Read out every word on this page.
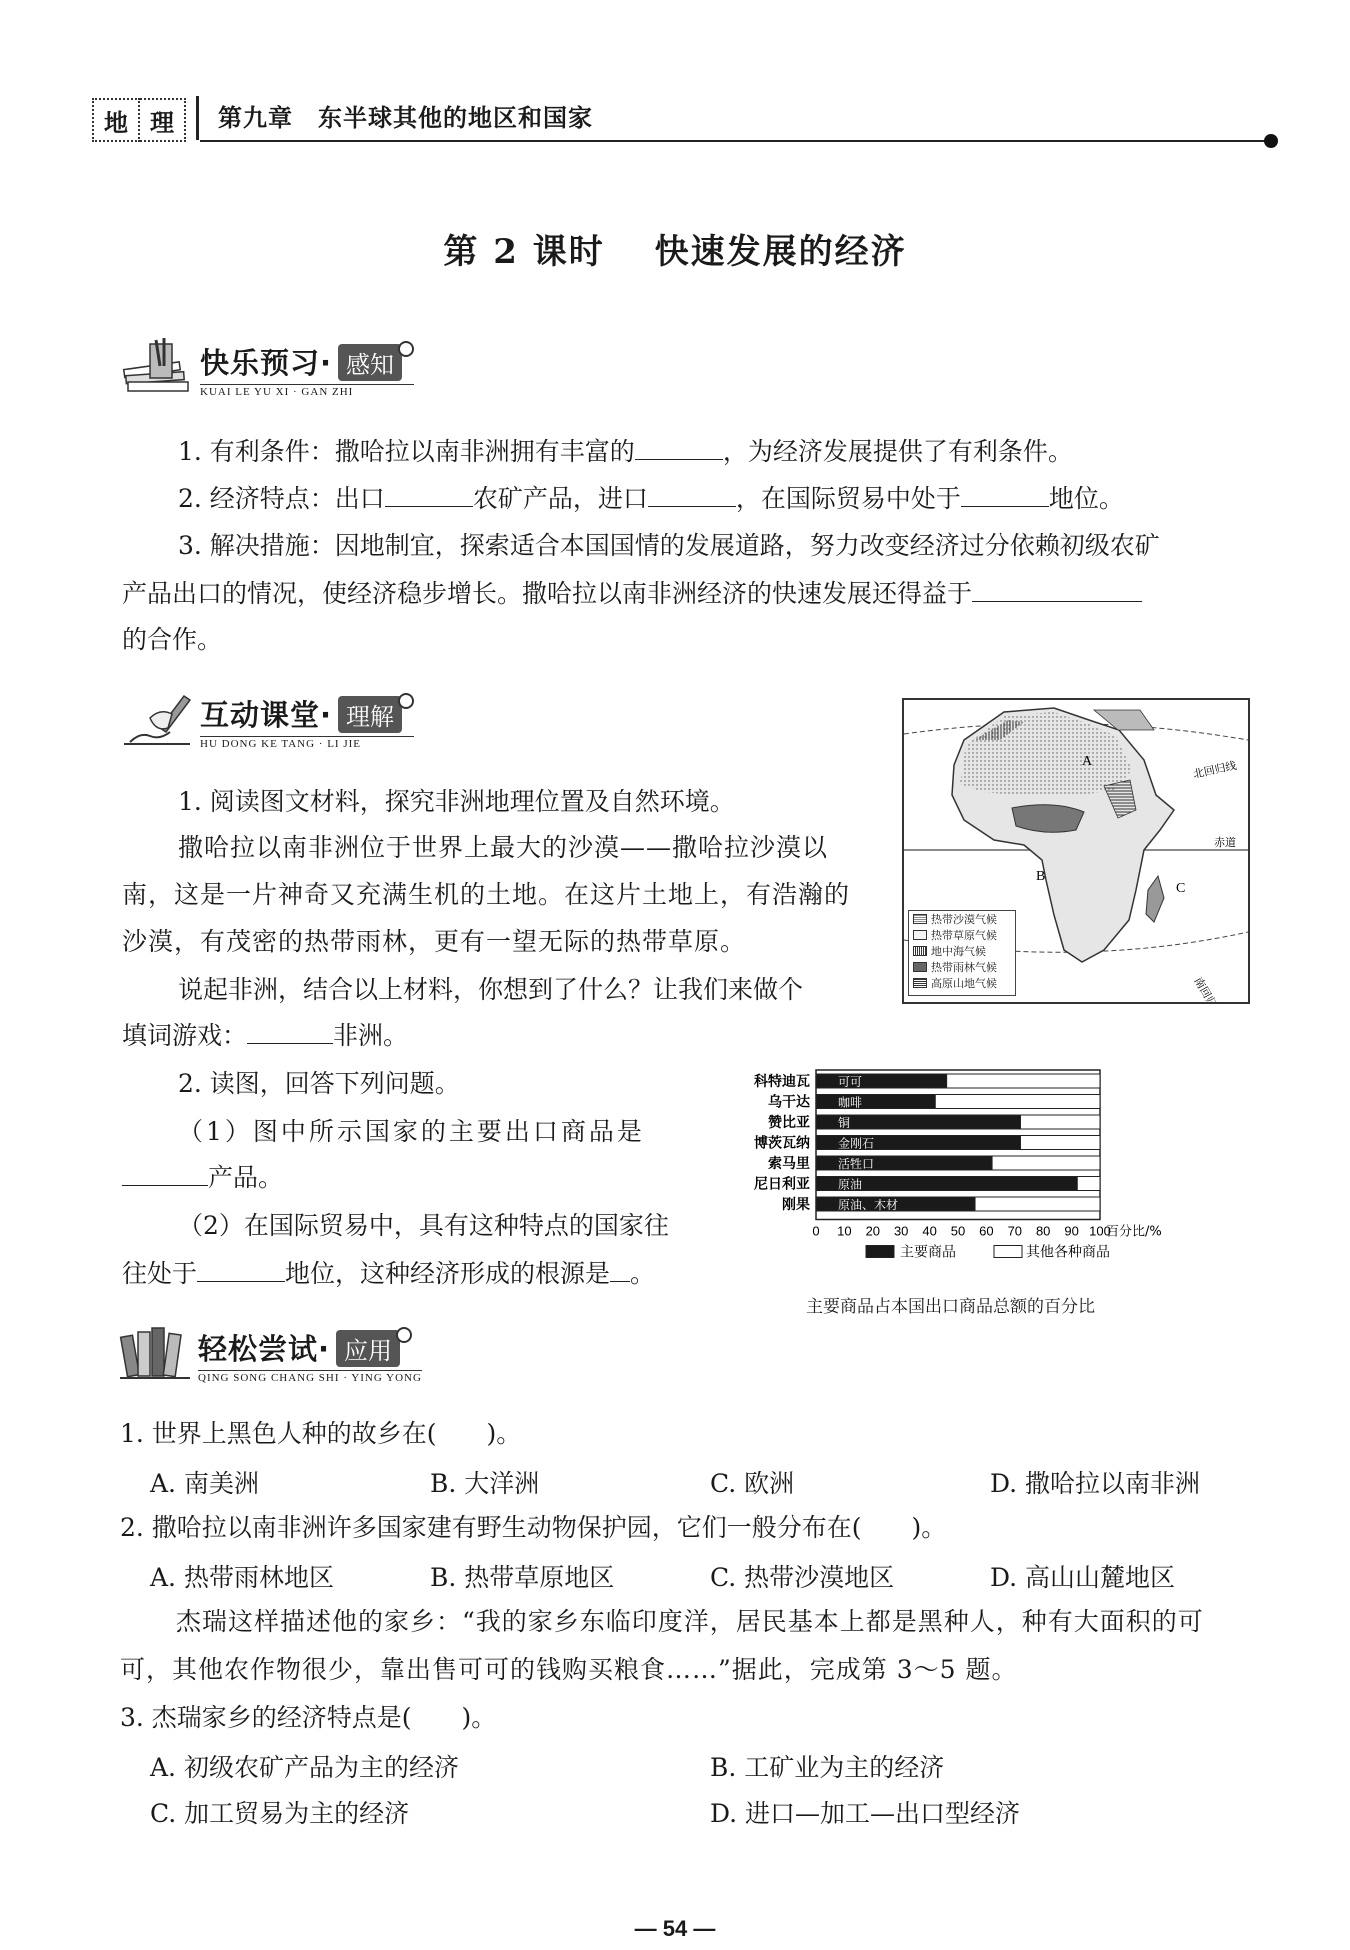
地 理	第九章　东半球其他的地区和国家
第 2 课时　 快速发展的经济
快乐预习· 感知
KUAI LE YU XI · GAN ZHI
1. 有利条件：撒哈拉以南非洲拥有丰富的	，为经济发展提供了有利条件。
2. 经济特点：出口	农矿产品，进口	，在国际贸易中处于	地位。
3. 解决措施：因地制宜，探索适合本国国情的发展道路，努力改变经济过分依赖初级农矿
产品出口的情况，使经济稳步增长。撒哈拉以南非洲经济的快速发展还得益于
的合作。
互动课堂· 理解
HU DONG KE TANG · LI JIE
1. 阅读图文材料，探究非洲地理位置及自然环境。
撒哈拉以南非洲位于世界上最大的沙漠——撒哈拉沙漠以南，这是一片神奇又充满生机的土地。在这片土地上，有浩瀚的沙漠，有茂密的热带雨林，更有一望无际的热带草原。
说起非洲，结合以上材料，你想到了什么？让我们来做个
填词游戏：	非洲。
2. 读图，回答下列问题。
（1）图中所示国家的主要出口商品是
产品。
（2）在国际贸易中，具有这种特点的国家往
往处于	地位，这种经济形成的根源是 。
A
B
C
北回归线
赤道
南回归线
热带沙漠气候
热带草原气候
地中海气候
热带雨林气候
高原山地气候
科特迪瓦 可可
乌干达 咖啡
赞比亚 铜
博茨瓦纳 金刚石
索马里 活牲口
尼日利亚 原油
刚果 原油、木材
0 10 20 30 40 50 60 70 80 90 100
百分比/%
主要商品	其他各种商品
主要商品占本国出口商品总额的百分比
轻松尝试· 应用
QING SONG CHANG SHI · YING YONG
1. 世界上黑色人种的故乡在(　　)。
A. 南美洲	B. 大洋洲	C. 欧洲	D. 撒哈拉以南非洲
2. 撒哈拉以南非洲许多国家建有野生动物保护园，它们一般分布在(　　)。
A. 热带雨林地区	B. 热带草原地区	C. 热带沙漠地区	D. 高山山麓地区
杰瑞这样描述他的家乡：“我的家乡东临印度洋，居民基本上都是黑种人，种有大面积的可
可，其他农作物很少，靠出售可可的钱购买粮食……”据此，完成第 3～5 题。
3. 杰瑞家乡的经济特点是(　　)。
A. 初级农矿产品为主的经济	B. 工矿业为主的经济
C. 加工贸易为主的经济	D. 进口—加工—出口型经济
— 54 —
